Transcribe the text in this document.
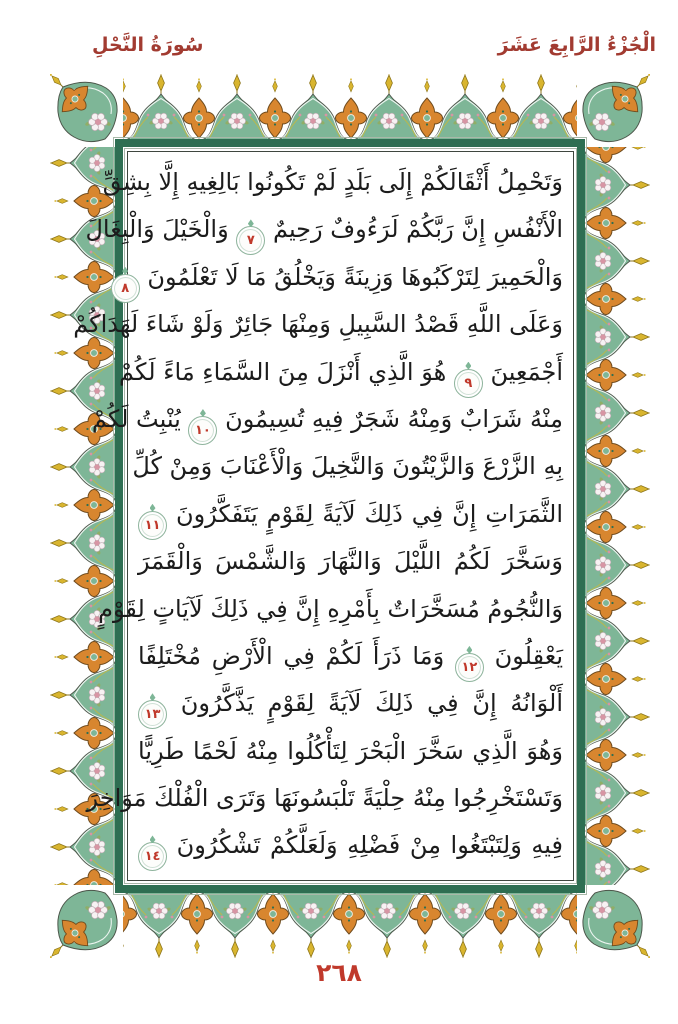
الْجُزْءُ الرَّابِعَ عَشَرَ
سُورَةُ النَّحْلِ
وَتَحْمِلُ أَثْقَالَكُمْ إِلَى بَلَدٍ لَمْ تَكُونُوا بَالِغِيهِ إِلَّا بِشِقِّ
الْأَنْفُسِ إِنَّ رَبَّكُمْ لَرَءُوفٌ رَحِيمٌ ٧ وَالْخَيْلَ وَالْبِغَالَ
وَالْحَمِيرَ لِتَرْكَبُوهَا وَزِينَةً وَيَخْلُقُ مَا لَا تَعْلَمُونَ ٨
وَعَلَى اللَّهِ قَصْدُ السَّبِيلِ وَمِنْهَا جَائِرٌ وَلَوْ شَاءَ لَهَدَاكُمْ
أَجْمَعِينَ ٩ هُوَ الَّذِي أَنْزَلَ مِنَ السَّمَاءِ مَاءً لَكُمْ
مِنْهُ شَرَابٌ وَمِنْهُ شَجَرٌ فِيهِ تُسِيمُونَ ١٠ يُنْبِتُ لَكُمْ
بِهِ الزَّرْعَ وَالزَّيْتُونَ وَالنَّخِيلَ وَالْأَعْنَابَ وَمِنْ كُلِّ
الثَّمَرَاتِ إِنَّ فِي ذَلِكَ لَآيَةً لِقَوْمٍ يَتَفَكَّرُونَ ١١
وَسَخَّرَ لَكُمُ اللَّيْلَ وَالنَّهَارَ وَالشَّمْسَ وَالْقَمَرَ
وَالنُّجُومُ مُسَخَّرَاتٌ بِأَمْرِهِ إِنَّ فِي ذَلِكَ لَآيَاتٍ لِقَوْمٍ
يَعْقِلُونَ ١٢ وَمَا ذَرَأَ لَكُمْ فِي الْأَرْضِ مُخْتَلِفًا
أَلْوَانُهُ إِنَّ فِي ذَلِكَ لَآيَةً لِقَوْمٍ يَذَّكَّرُونَ ١٣
وَهُوَ الَّذِي سَخَّرَ الْبَحْرَ لِتَأْكُلُوا مِنْهُ لَحْمًا طَرِيًّا
وَتَسْتَخْرِجُوا مِنْهُ حِلْيَةً تَلْبَسُونَهَا وَتَرَى الْفُلْكَ مَوَاخِرَ
فِيهِ وَلِتَبْتَغُوا مِنْ فَضْلِهِ وَلَعَلَّكُمْ تَشْكُرُونَ ١٤
٢٦٨
